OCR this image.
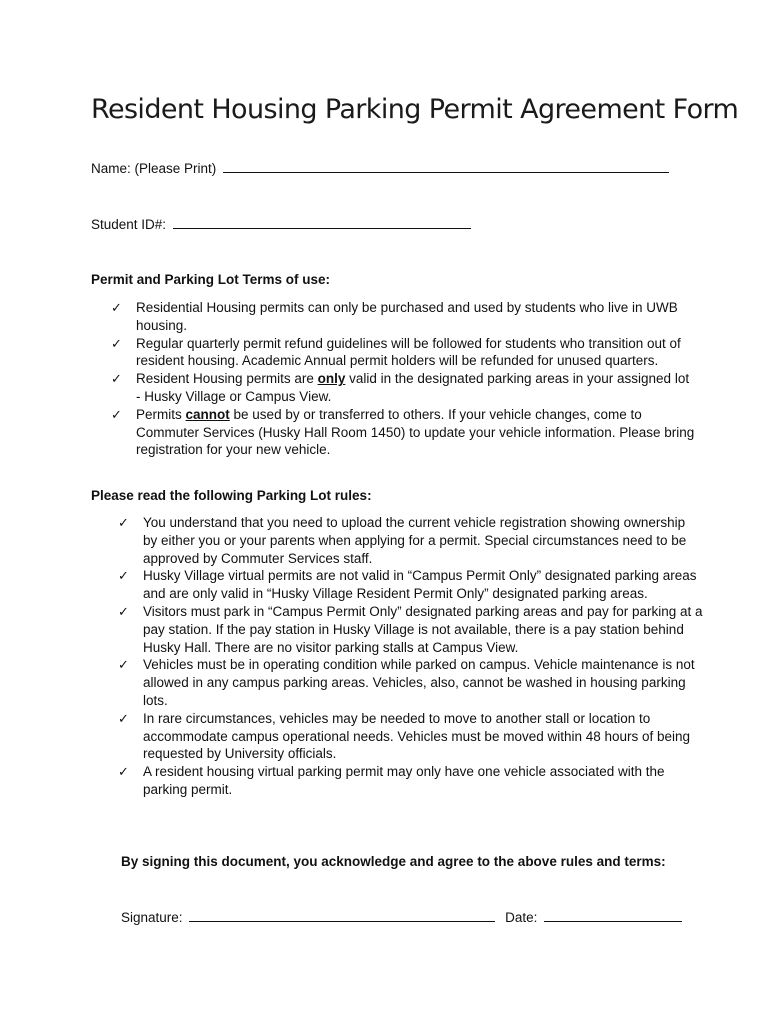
Resident Housing Parking Permit Agreement Form
Name: (Please Print)
Student ID#:
Permit and Parking Lot Terms of use:
✓ Residential Housing permits can only be purchased and used by students who live in UWB housing.
✓ Regular quarterly permit refund guidelines will be followed for students who transition out of resident housing. Academic Annual permit holders will be refunded for unused quarters.
✓ Resident Housing permits are only valid in the designated parking areas in your assigned lot - Husky Village or Campus View.
✓ Permits cannot be used by or transferred to others. If your vehicle changes, come to Commuter Services (Husky Hall Room 1450) to update your vehicle information. Please bring registration for your new vehicle.
Please read the following Parking Lot rules:
✓ You understand that you need to upload the current vehicle registration showing ownership by either you or your parents when applying for a permit. Special circumstances need to be approved by Commuter Services staff.
✓ Husky Village virtual permits are not valid in “Campus Permit Only” designated parking areas and are only valid in “Husky Village Resident Permit Only” designated parking areas.
✓ Visitors must park in “Campus Permit Only” designated parking areas and pay for parking at a pay station. If the pay station in Husky Village is not available, there is a pay station behind Husky Hall. There are no visitor parking stalls at Campus View.
✓ Vehicles must be in operating condition while parked on campus. Vehicle maintenance is not allowed in any campus parking areas. Vehicles, also, cannot be washed in housing parking lots.
✓ In rare circumstances, vehicles may be needed to move to another stall or location to accommodate campus operational needs. Vehicles must be moved within 48 hours of being requested by University officials.
✓ A resident housing virtual parking permit may only have one vehicle associated with the parking permit.
By signing this document, you acknowledge and agree to the above rules and terms:
Signature:	Date:
